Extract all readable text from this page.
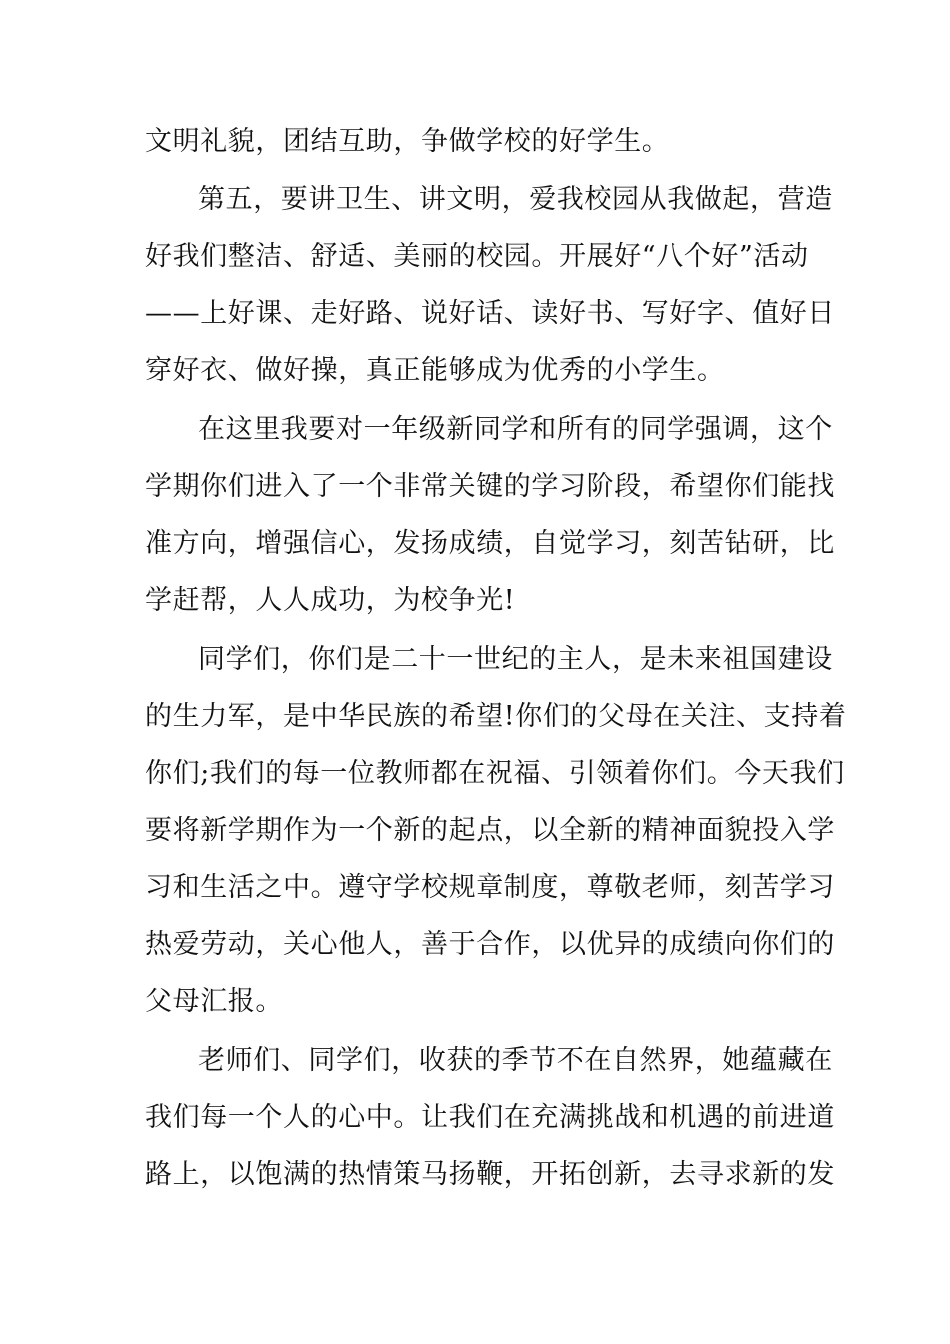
文明礼貌，团结互助，争做学校的好学生。
第五，要讲卫生、讲文明，爱我校园从我做起，营造
好我们整洁、舒适、美丽的校园。开展好“八个好”活动
——上好课、走好路、说好话、读好书、写好字、值好日
穿好衣、做好操，真正能够成为优秀的小学生。
在这里我要对一年级新同学和所有的同学强调，这个
学期你们进入了一个非常关键的学习阶段，希望你们能找
准方向，增强信心，发扬成绩，自觉学习，刻苦钻研，比
学赶帮，人人成功，为校争光!
同学们，你们是二十一世纪的主人，是未来祖国建设
的生力军，是中华民族的希望!你们的父母在关注、支持着
你们;我们的每一位教师都在祝福、引领着你们。今天我们
要将新学期作为一个新的起点，以全新的精神面貌投入学
习和生活之中。遵守学校规章制度，尊敬老师，刻苦学习
热爱劳动，关心他人，善于合作，以优异的成绩向你们的
父母汇报。
老师们、同学们，收获的季节不在自然界，她蕴藏在
我们每一个人的心中。让我们在充满挑战和机遇的前进道
路上，以饱满的热情策马扬鞭，开拓创新，去寻求新的发
